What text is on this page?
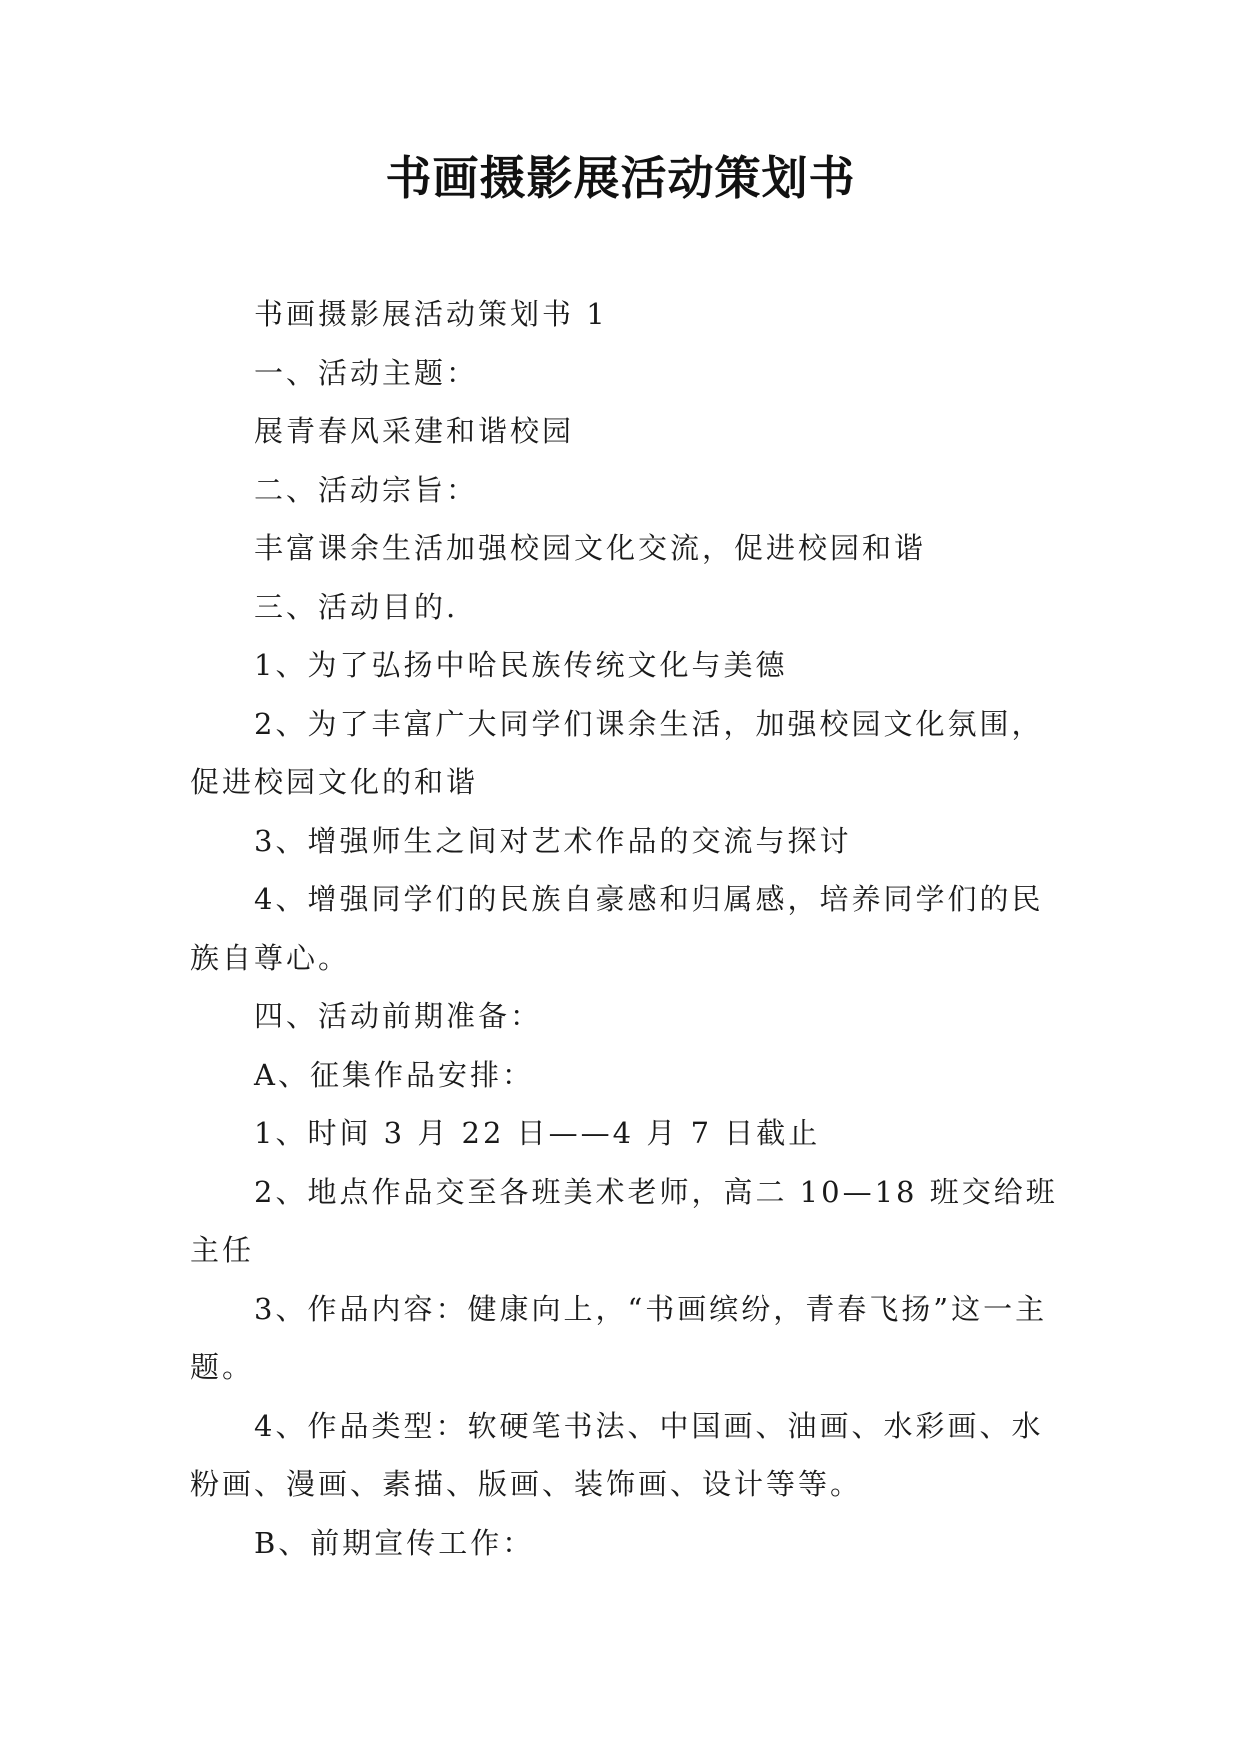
书画摄影展活动策划书

书画摄影展活动策划书 1

一、活动主题：

展青春风采建和谐校园

二、活动宗旨：

丰富课余生活加强校园文化交流，促进校园和谐

三、活动目的.

1、为了弘扬中哈民族传统文化与美德

2、为了丰富广大同学们课余生活，加强校园文化氛围，促进校园文化的和谐

3、增强师生之间对艺术作品的交流与探讨

4、增强同学们的民族自豪感和归属感，培养同学们的民族自尊心。

四、活动前期准备：

A、征集作品安排：

1、时间 3 月 22 日——4 月 7 日截止

2、地点作品交至各班美术老师，高二 10—18 班交给班主任

3、作品内容：健康向上，“书画缤纷，青春飞扬”这一主题。

4、作品类型：软硬笔书法、中国画、油画、水彩画、水粉画、漫画、素描、版画、装饰画、设计等等。

B、前期宣传工作：
